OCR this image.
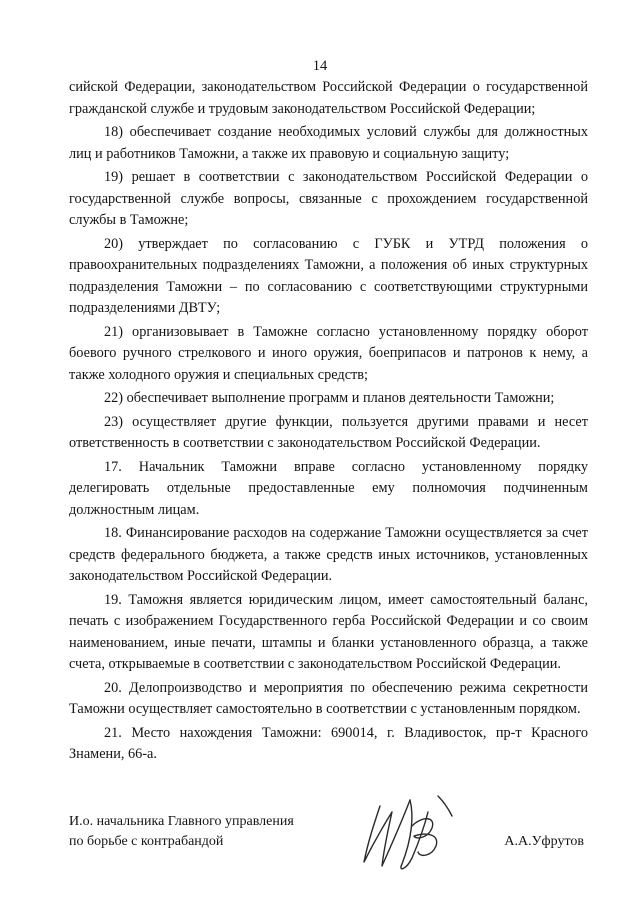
14

сийской Федерации, законодательством Российской Федерации о государственной гражданской службе и трудовым законодательством Российской Федерации;

18) обеспечивает создание необходимых условий службы для должностных лиц и работников Таможни, а также их правовую и социальную защиту;

19) решает в соответствии с законодательством Российской Федерации о государственной службе вопросы, связанные с прохождением государственной службы в Таможне;

20) утверждает по согласованию с ГУБК и УТРД положения о правоохранительных подразделениях Таможни, а положения об иных структурных подразделения Таможни – по согласованию с соответствующими структурными подразделениями ДВТУ;

21) организовывает в Таможне согласно установленному порядку оборот боевого ручного стрелкового и иного оружия, боеприпасов и патронов к нему, а также холодного оружия и специальных средств;

22) обеспечивает выполнение программ и планов деятельности Таможни;

23) осуществляет другие функции, пользуется другими правами и несет ответственность в соответствии с законодательством Российской Федерации.

17. Начальник Таможни вправе согласно установленному порядку делегировать отдельные предоставленные ему полномочия подчиненным должностным лицам.

18. Финансирование расходов на содержание Таможни осуществляется за счет средств федерального бюджета, а также средств иных источников, установленных законодательством Российской Федерации.

19. Таможня является юридическим лицом, имеет самостоятельный баланс, печать с изображением Государственного герба Российской Федерации и со своим наименованием, иные печати, штампы и бланки установленного образца, а также счета, открываемые в соответствии с законодательством Российской Федерации.

20. Делопроизводство и мероприятия по обеспечению режима секретности Таможни осуществляет самостоятельно в соответствии с установленным порядком.

21. Место нахождения Таможни: 690014, г. Владивосток, пр-т Красного Знамени, 66-а.

И.о. начальника Главного управления

по борьбе с контрабандой	А.А.Уфрутов
